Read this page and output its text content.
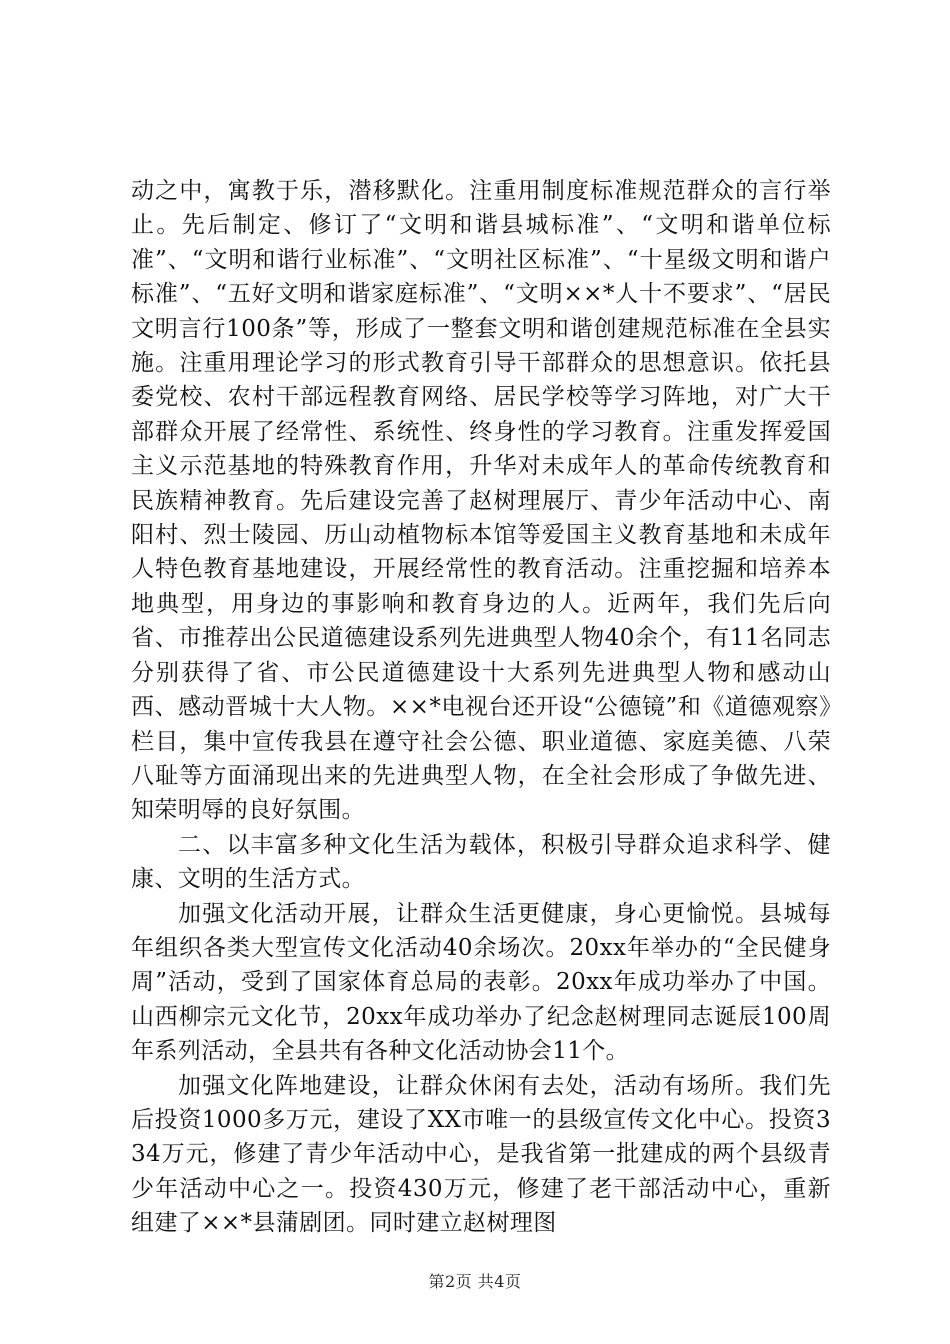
动之中，寓教于乐，潜移默化。注重用制度标准规范群众的言行举止。先后制定、修订了“文明和谐县城标准”、“文明和谐单位标准”、“文明和谐行业标准”、“文明社区标准”、“十星级文明和谐户标准”、“五好文明和谐家庭标准”、“文明××*人十不要求”、“居民文明言行100条”等，形成了一整套文明和谐创建规范标准在全县实施。注重用理论学习的形式教育引导干部群众的思想意识。依托县委党校、农村干部远程教育网络、居民学校等学习阵地，对广大干部群众开展了经常性、系统性、终身性的学习教育。注重发挥爱国主义示范基地的特殊教育作用，升华对未成年人的革命传统教育和民族精神教育。先后建设完善了赵树理展厅、青少年活动中心、南阳村、烈士陵园、历山动植物标本馆等爱国主义教育基地和未成年人特色教育基地建设，开展经常性的教育活动。注重挖掘和培养本地典型，用身边的事影响和教育身边的人。近两年，我们先后向省、市推荐出公民道德建设系列先进典型人物40余个，有11名同志分别获得了省、市公民道德建设十大系列先进典型人物和感动山西、感动晋城十大人物。××*电视台还开设“公德镜”和《道德观察》栏目，集中宣传我县在遵守社会公德、职业道德、家庭美德、八荣八耻等方面涌现出来的先进典型人物，在全社会形成了争做先进、知荣明辱的良好氛围。

二、以丰富多种文化生活为载体，积极引导群众追求科学、健康、文明的生活方式。

加强文化活动开展，让群众生活更健康，身心更愉悦。县城每年组织各类大型宣传文化活动40余场次。20xx年举办的“全民健身周”活动，受到了国家体育总局的表彰。20xx年成功举办了中国。山西柳宗元文化节，20xx年成功举办了纪念赵树理同志诞辰100周年系列活动，全县共有各种文化活动协会11个。

加强文化阵地建设，让群众休闲有去处，活动有场所。我们先后投资1000多万元，建设了XX市唯一的县级宣传文化中心。投资334万元，修建了青少年活动中心，是我省第一批建成的两个县级青少年活动中心之一。投资430万元，修建了老干部活动中心，重新组建了××*县蒲剧团。同时建立赵树理图

第2页 共4页
